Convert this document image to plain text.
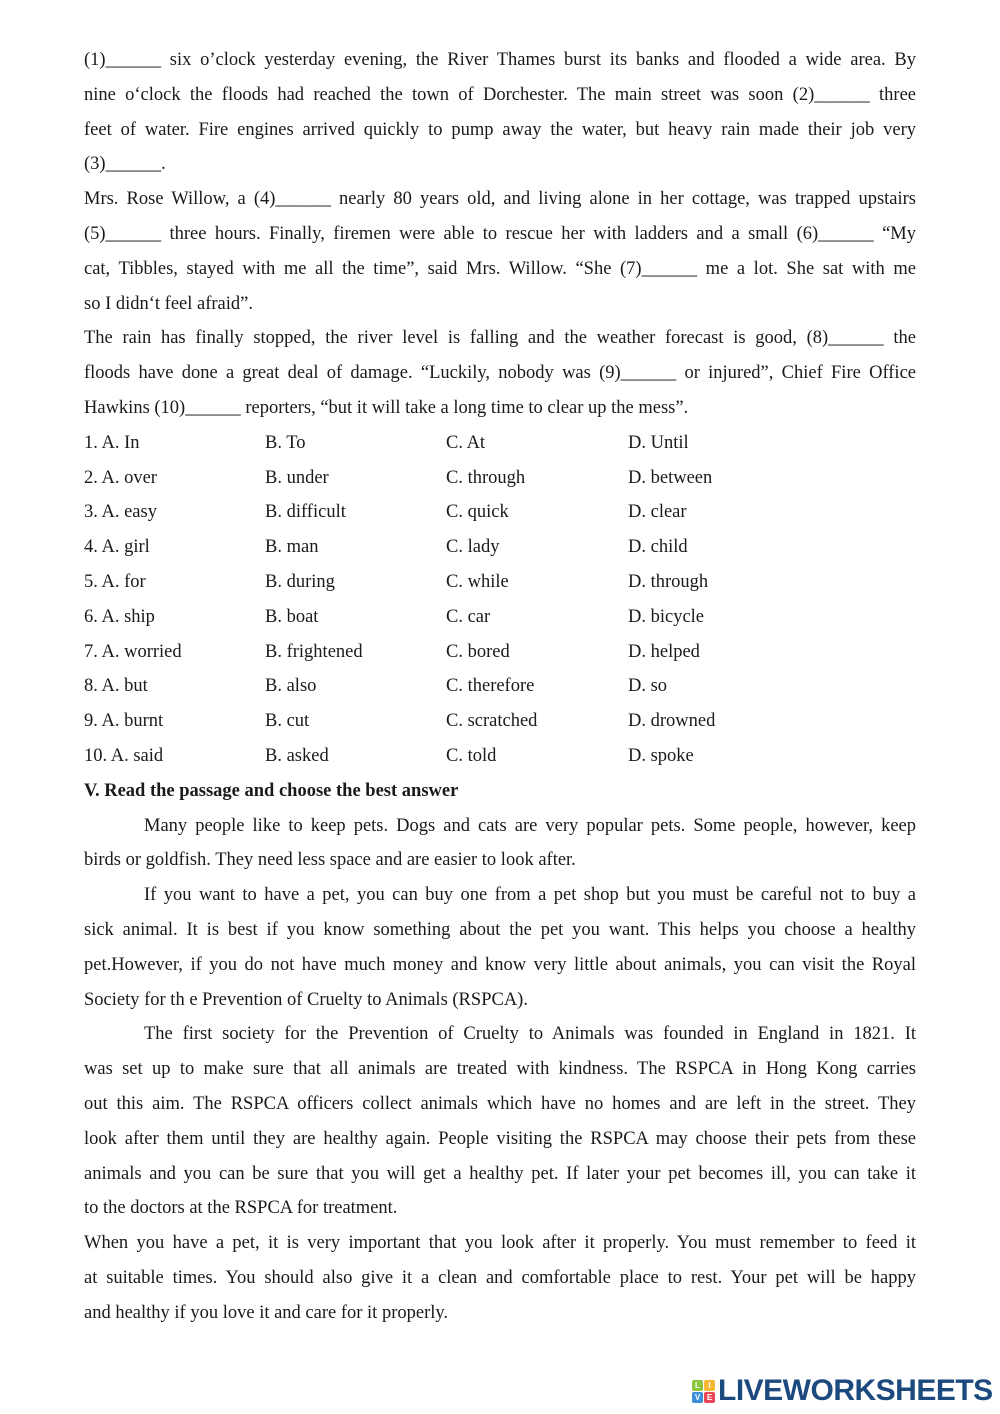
(1)______ six o’clock yesterday evening, the River Thames burst its banks and flooded a wide area. By
nine o‘clock the floods had reached the town of Dorchester. The main street was soon (2)______ three
feet of water. Fire engines arrived quickly to pump away the water, but heavy rain made their job very
(3)______.
Mrs. Rose Willow, a (4)______ nearly 80 years old, and living alone in her cottage, was trapped upstairs
(5)______ three hours. Finally, firemen were able to rescue her with ladders and a small (6)______ “My
cat, Tibbles, stayed with me all the time”, said Mrs. Willow. “She (7)______ me a lot. She sat with me
so I didn‘t feel afraid”.
The rain has finally stopped, the river level is falling and the weather forecast is good, (8)______ the
floods have done a great deal of damage. “Luckily, nobody was (9)______ or injured”, Chief Fire Office
Hawkins (10)______ reporters, “but it will take a long time to clear up the mess”.
1. A. In	B. To	C. At	D. Until
2. A. over	B. under	C. through	D. between
3. A. easy	B. difficult	C. quick	D. clear
4. A. girl	B. man	C. lady	D. child
5. A. for	B. during	C. while	D. through
6. A. ship	B. boat	C. car	D. bicycle
7. A. worried	B. frightened	C. bored	D. helped
8. A. but	B. also	C. therefore	D. so
9. A. burnt	B. cut	C. scratched	D. drowned
10. A. said	B. asked	C. told	D. spoke
V. Read the passage and choose the best answer
Many people like to keep pets. Dogs and cats are very popular pets. Some people, however, keep
birds or goldfish. They need less space and are easier to look after.
If you want to have a pet, you can buy one from a pet shop but you must be careful not to buy a
sick animal. It is best if you know something about the pet you want. This helps you choose a healthy
pet.However, if you do not have much money and know very little about animals, you can visit the Royal
Society for th e Prevention of Cruelty to Animals (RSPCA).
The first society for the Prevention of Cruelty to Animals was founded in England in 1821. It
was set up to make sure that all animals are treated with kindness. The RSPCA in Hong Kong carries
out this aim. The RSPCA officers collect animals which have no homes and are left in the street. They
look after them until they are healthy again. People visiting the RSPCA may choose their pets from these
animals and you can be sure that you will get a healthy pet. If later your pet becomes ill, you can take it
to the doctors at the RSPCA for treatment.
When you have a pet, it is very important that you look after it properly. You must remember to feed it
at suitable times. You should also give it a clean and comfortable place to rest. Your pet will be happy
and healthy if you love it and care for it properly.
L	I
V E LIVEWORKSHEETS
